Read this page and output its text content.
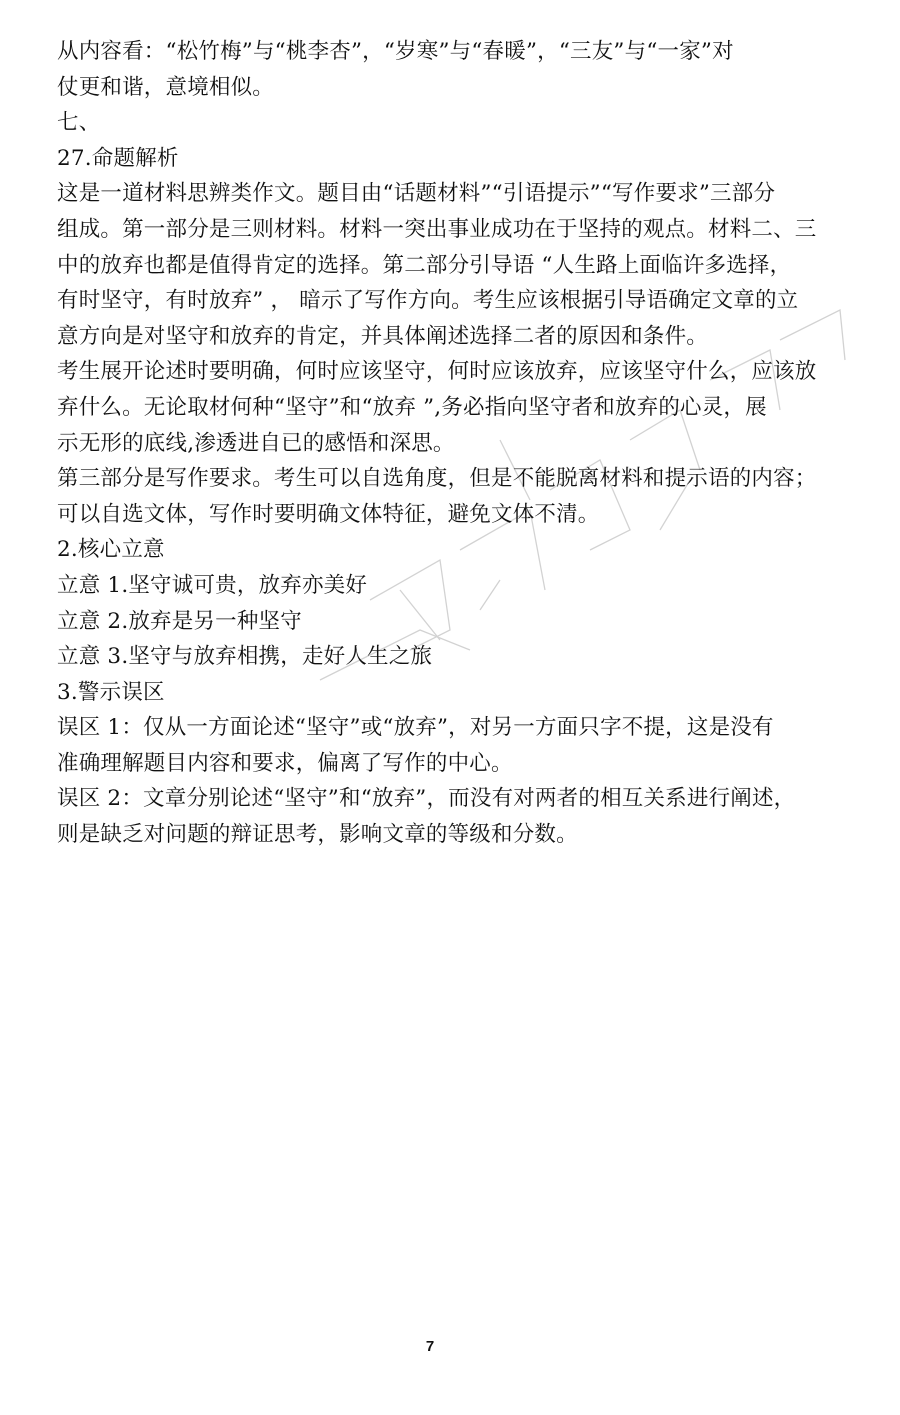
从内容看：“松竹梅”与“桃李杏”，“岁寒”与“春暖”，“三友”与“一家”对
仗更和谐，意境相似。
七、
27.命题解析
这是一道材料思辨类作文。题目由“话题材料”“引语提示”“写作要求”三部分
组成。第一部分是三则材料。材料一突出事业成功在于坚持的观点。材料二、三
中的放弃也都是值得肯定的选择。第二部分引导语 “人生路上面临许多选择，
有时坚守，有时放弃” ， 暗示了写作方向。考生应该根据引导语确定文章的立
意方向是对坚守和放弃的肯定，并具体阐述选择二者的原因和条件。
考生展开论述时要明确，何时应该坚守，何时应该放弃，应该坚守什么，应该放
弃什么。无论取材何种“坚守”和“放弃 ”,务必指向坚守者和放弃的心灵，展
示无形的底线,渗透进自已的感悟和深思。
第三部分是写作要求。考生可以自选角度，但是不能脱离材料和提示语的内容；
可以自选文体，写作时要明确文体特征，避免文体不清。
2.核心立意
立意 1.坚守诚可贵，放弃亦美好
立意 2.放弃是另一种坚守
立意 3.坚守与放弃相携，走好人生之旅
3.警示误区
误区 1：仅从一方面论述“坚守”或“放弃”，对另一方面只字不提，这是没有
准确理解题目内容和要求，偏离了写作的中心。
误区 2：文章分别论述“坚守”和“放弃”，而没有对两者的相互关系进行阐述，
则是缺乏对问题的辩证思考，影响文章的等级和分数。
7
